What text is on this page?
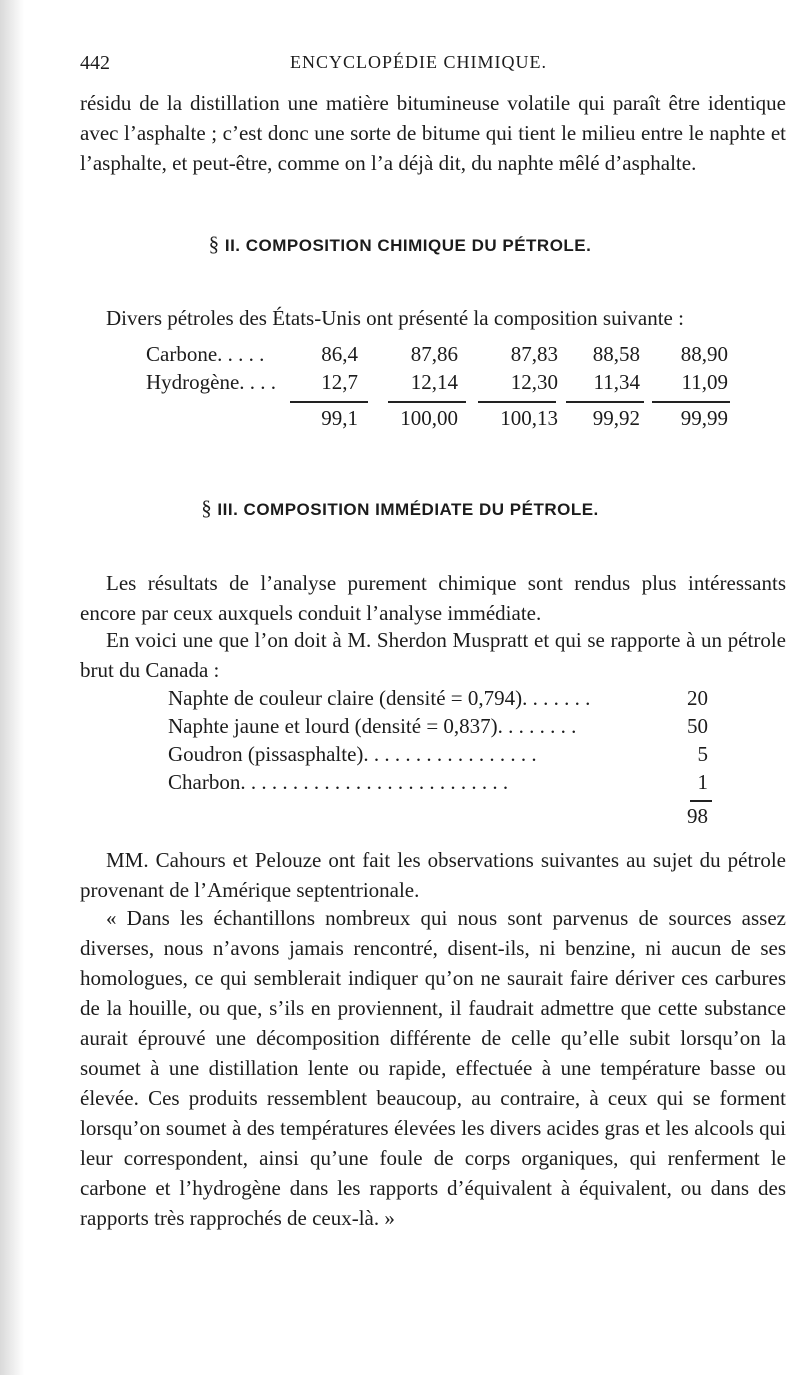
442	ENCYCLOPÉDIE CHIMIQUE.

résidu de la distillation une matière bitumineuse volatile qui paraît être identique avec l’asphalte ; c’est donc une sorte de bitume qui tient le milieu entre le naphte et l’asphalte, et peut-être, comme on l’a déjà dit, du naphte mêlé d’asphalte.

§ II. COMPOSITION CHIMIQUE DU PÉTROLE.

Divers pétroles des États-Unis ont présenté la composition suivante :

Carbone. . . . .	86,4	87,86	87,83	88,58	88,90
Hydrogène. . . .	12,7	12,14	12,30	11,34	11,09
99,1	100,00	100,13	99,92	99,99
§ III. COMPOSITION IMMÉDIATE DU PÉTROLE.

Les résultats de l’analyse purement chimique sont rendus plus intéressants encore par ceux auxquels conduit l’analyse immédiate.

En voici une que l’on doit à M. Sherdon Muspratt et qui se rapporte à un pétrole brut du Canada :

Naphte de couleur claire (densité = 0,794). . . . . . .	20
Naphte jaune et lourd (densité = 0,837). . . . . . . .	50
Goudron (pissasphalte). . . . . . . . . . . . . . . . .	5
Charbon. . . . . . . . . . . . . . . . . . . . . . . . . .	1
98

MM. Cahours et Pelouze ont fait les observations suivantes au sujet du pétrole provenant de l’Amérique septentrionale.

« Dans les échantillons nombreux qui nous sont parvenus de sources assez diverses, nous n’avons jamais rencontré, disent-ils, ni benzine, ni aucun de ses homologues, ce qui semblerait indiquer qu’on ne saurait faire dériver ces carbures de la houille, ou que, s’ils en proviennent, il faudrait admettre que cette substance aurait éprouvé une décomposition différente de celle qu’elle subit lorsqu’on la soumet à une distillation lente ou rapide, effectuée à une température basse ou élevée. Ces produits ressemblent beaucoup, au contraire, à ceux qui se forment lorsqu’on soumet à des températures élevées les divers acides gras et les alcools qui leur correspondent, ainsi qu’une foule de corps organiques, qui renferment le carbone et l’hydrogène dans les rapports d’équivalent à équivalent, ou dans des rapports très rapprochés de ceux-là. »
